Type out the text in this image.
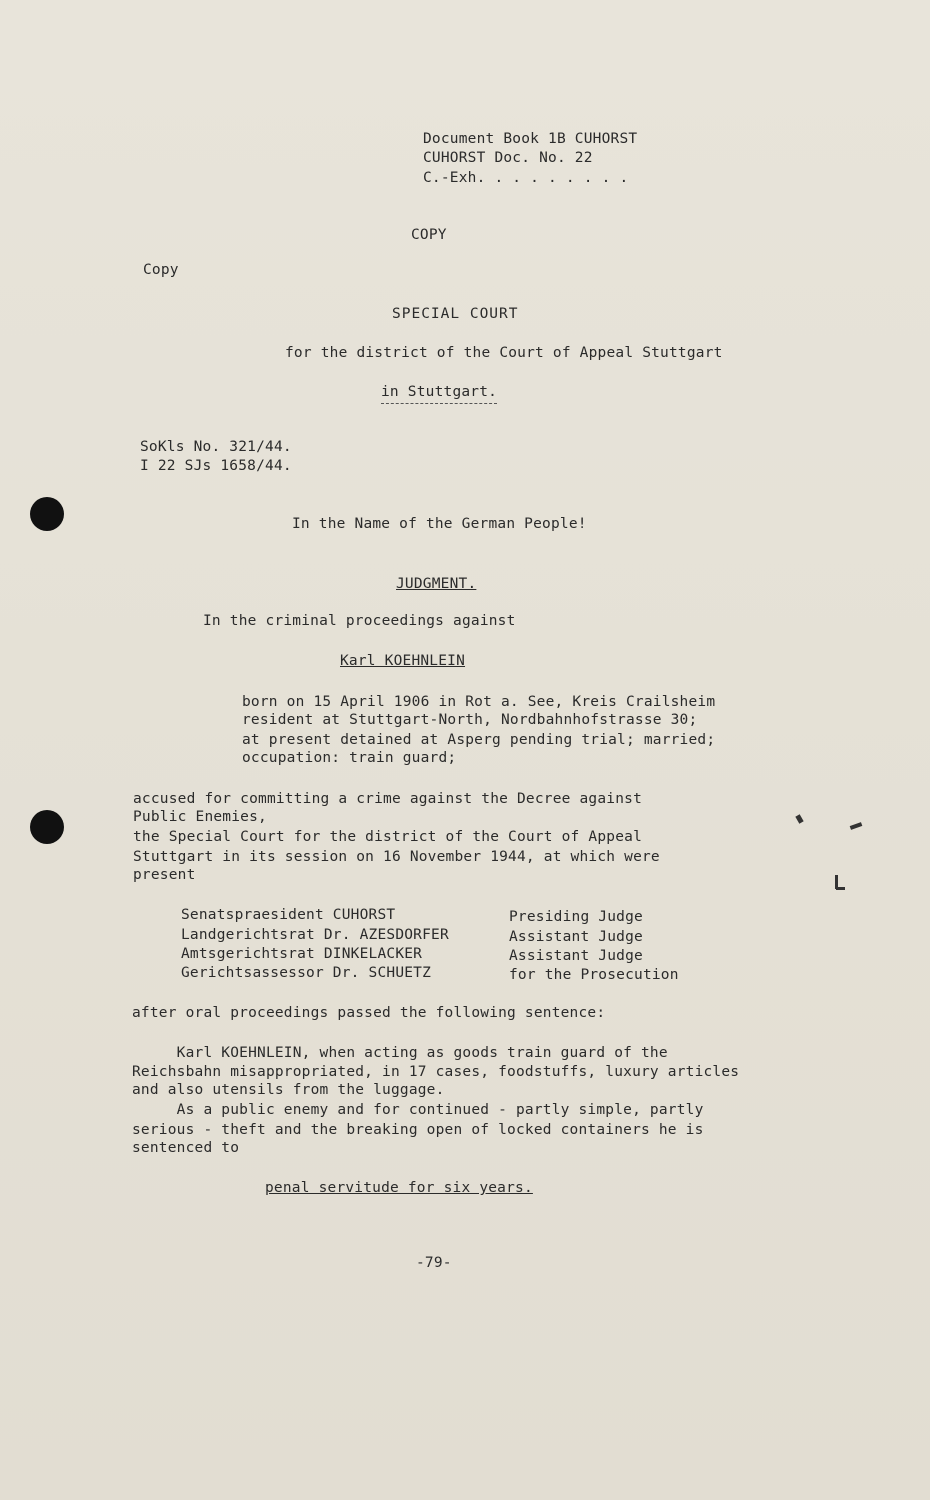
Document Book 1B CUHORST
CUHORST Doc. No. 22
C.-Exh. . . . . . . . .
COPY
Copy
SPECIAL COURT
for the district of the Court of Appeal Stuttgart
in Stuttgart.
SoKls No. 321/44.
I 22 SJs 1658/44.
In the Name of the German People!
JUDGMENT.
In the criminal proceedings against
Karl KOEHNLEIN
born on 15 April 1906 in Rot a. See, Kreis Crailsheim
resident at Stuttgart-North, Nordbahnhofstrasse 30;
at present detained at Asperg pending trial; married;
occupation: train guard;
accused for committing a crime against the Decree against
Public Enemies,
the Special Court for the district of the Court of Appeal
Stuttgart in its session on 16 November 1944, at which were
present
Senatspraesident CUHORST	Presiding Judge
Landgerichtsrat Dr. AZESDORFER	Assistant Judge
Amtsgerichtsrat DINKELACKER	Assistant Judge
Gerichtsassessor Dr. SCHUETZ	for the Prosecution
after oral proceedings passed the following sentence:
Karl KOEHNLEIN, when acting as goods train guard of the
Reichsbahn misappropriated, in 17 cases, foodstuffs, luxury articles
and also utensils from the luggage.
As a public enemy and for continued - partly simple, partly
serious - theft and the breaking open of locked containers he is
sentenced to
penal servitude for six years.
-79-
